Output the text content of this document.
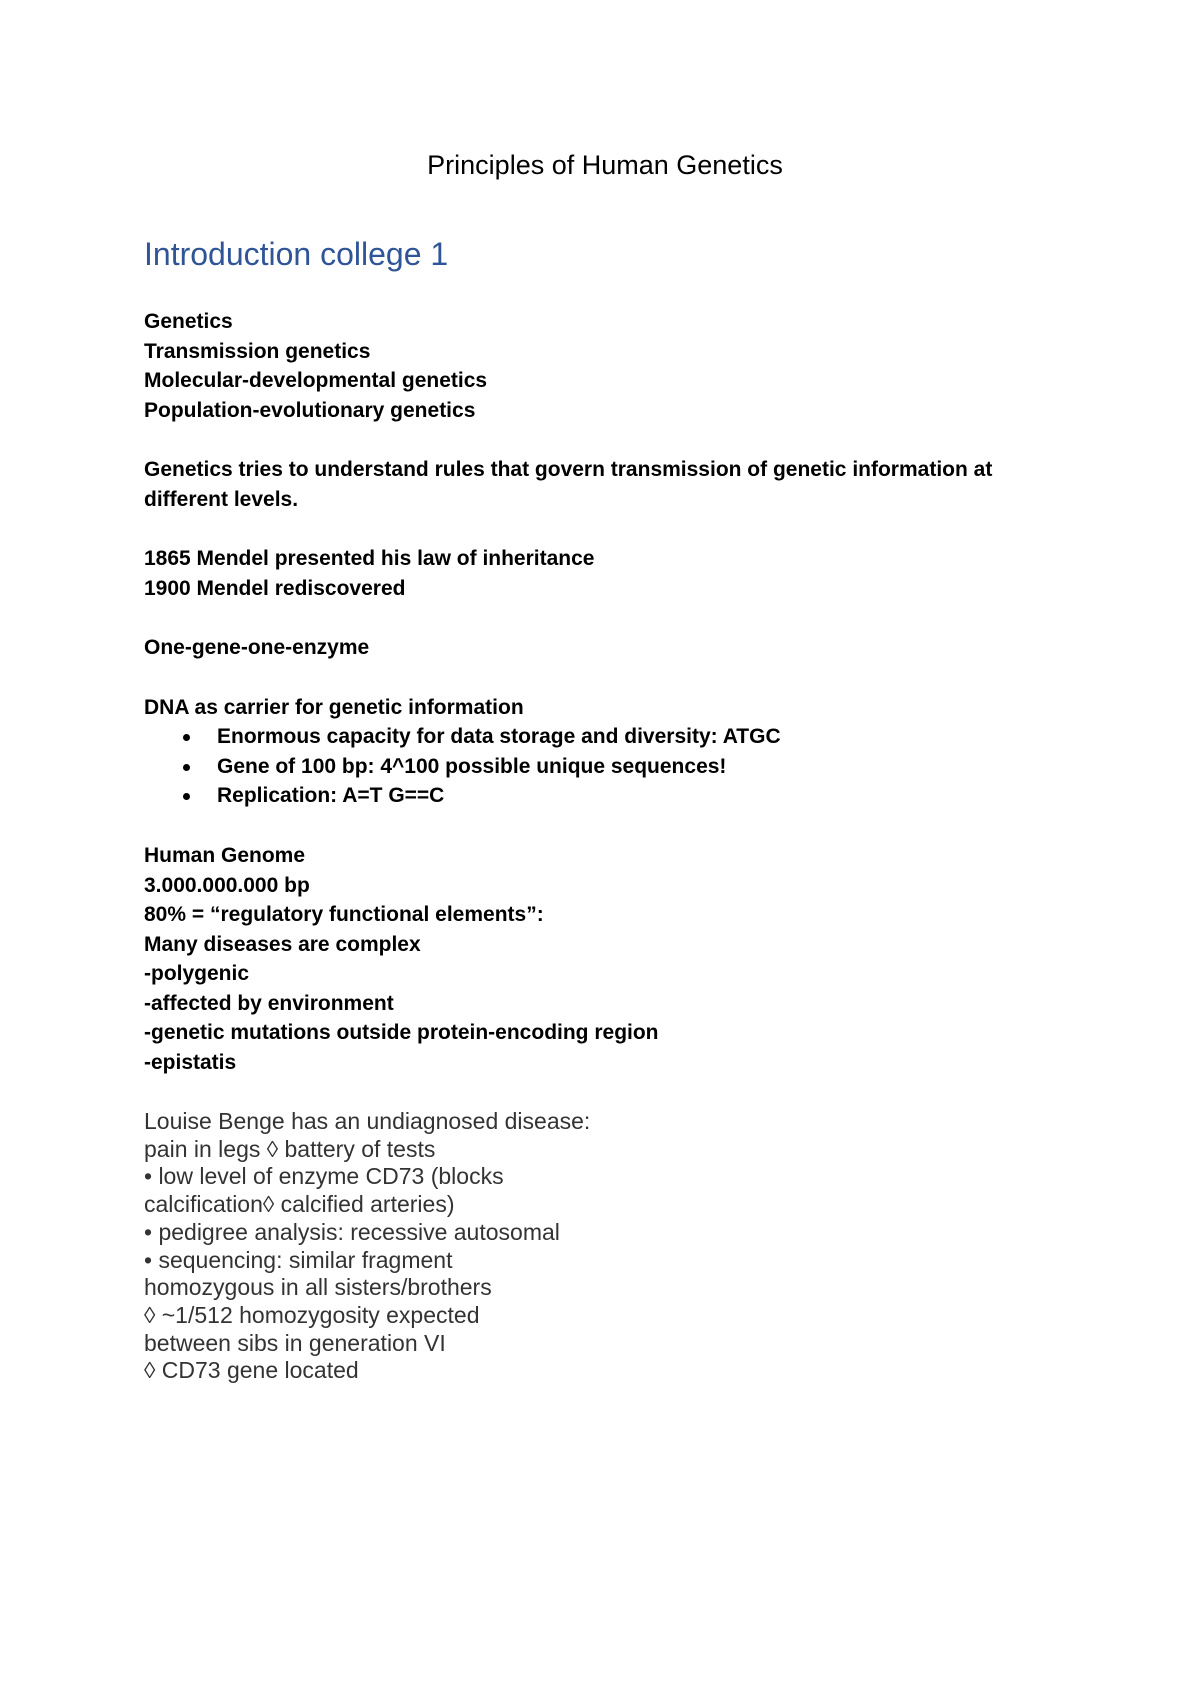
Principles of Human Genetics
Introduction college 1

Genetics

Transmission genetics

Molecular-developmental genetics

Population-evolutionary genetics

Genetics tries to understand rules that govern transmission of genetic information at

different levels.

1865 Mendel presented his law of inheritance

1900 Mendel rediscovered

One-gene-one-enzyme

DNA as carrier for genetic information

Enormous capacity for data storage and diversity: ATGC
Gene of 100 bp: 4^100 possible unique sequences!
Replication: A=T G==C

Human Genome

3.000.000.000 bp

80% = “regulatory functional elements”:

Many diseases are complex

-polygenic

-affected by environment

-genetic mutations outside protein-encoding region

-epistatis

Louise Benge has an undiagnosed disease:

pain in legs ◊ battery of tests

• low level of enzyme CD73 (blocks

calcification◊ calcified arteries)

• pedigree analysis: recessive autosomal

• sequencing: similar fragment

homozygous in all sisters/brothers

◊ ~1/512 homozygosity expected

between sibs in generation VI

◊ CD73 gene located
